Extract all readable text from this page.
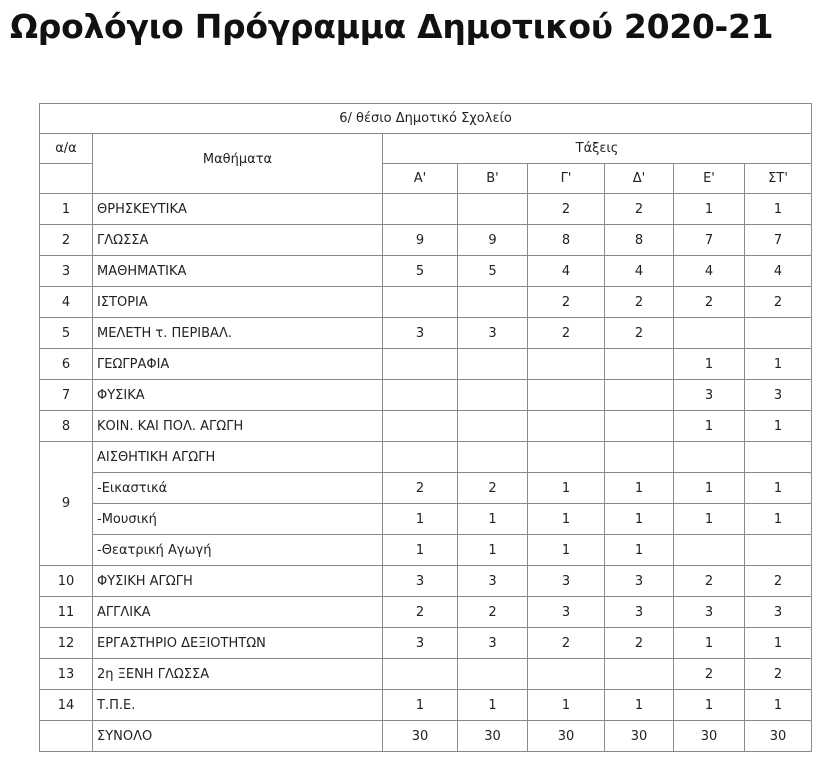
Ωρολόγιο Πρόγραμμα Δημοτικού 2020-21
6/ θέσιο Δημοτικό Σχολείο							
α/α	Μαθήματα	Τάξεις					
		Α'	Β'	Γ'	Δ'	Ε'	ΣΤ'

1	ΘΡΗΣΚΕΥΤΙΚΑ			2	2	1	1
2	ΓΛΩΣΣΑ	9	9	8	8	7	7
3	ΜΑΘΗΜΑΤΙΚΑ	5	5	4	4	4	4
4	ΙΣΤΟΡΙΑ			2	2	2	2
5	ΜΕΛΕΤΗ τ. ΠΕΡΙΒΑΛ.	3	3	2	2		
6	ΓΕΩΓΡΑΦΙΑ					1	1
7	ΦΥΣΙΚΑ					3	3
8	ΚΟΙΝ. ΚΑΙ ΠΟΛ. ΑΓΩΓΗ					1	1
9	ΑΙΣΘΗΤΙΚΗ ΑΓΩΓΗ						
	-Εικαστικά	2	2	1	1	1	1
	-Μουσική	1	1	1	1	1	1
	-Θεατρική Αγωγή	1	1	1	1		
10	ΦΥΣΙΚΗ ΑΓΩΓΗ	3	3	3	3	2	2
11	ΑΓΓΛΙΚΑ	2	2	3	3	3	3
12	ΕΡΓΑΣΤΗΡΙΟ ΔΕΞΙΟΤΗΤΩΝ	3	3	2	2	1	1
13	2η ΞΕΝΗ ΓΛΩΣΣΑ					2	2
14	Τ.Π.Ε.	1	1	1	1	1	1
	ΣΥΝΟΛΟ	30	30	30	30	30	30
